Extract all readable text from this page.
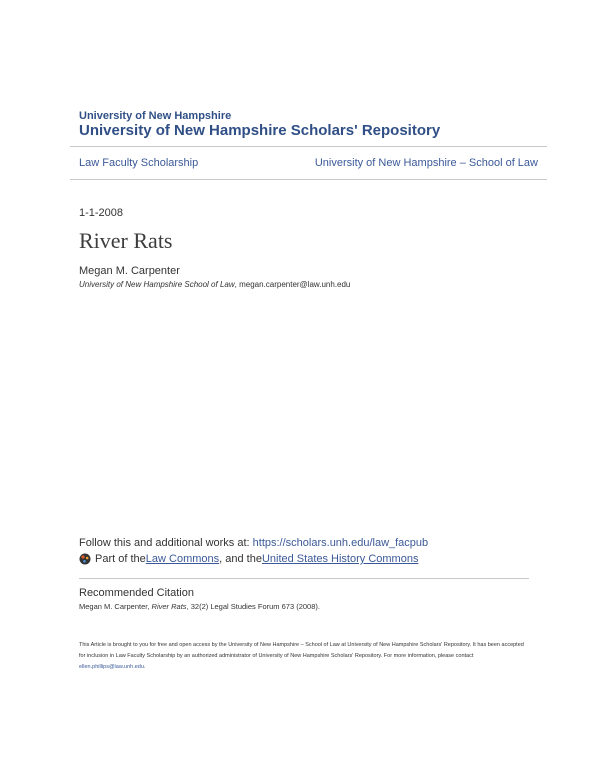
University of New Hampshire
University of New Hampshire Scholars' Repository
Law Faculty Scholarship	University of New Hampshire – School of Law
1-1-2008
River Rats
Megan M. Carpenter
University of New Hampshire School of Law, megan.carpenter@law.unh.edu
Follow this and additional works at: https://scholars.unh.edu/law_facpub
Part of the Law Commons , and the United States History Commons
Recommended Citation
Megan M. Carpenter, River Rats, 32(2) Legal Studies Forum 673 (2008).
This Article is brought to you for free and open access by the University of New Hampshire – School of Law at University of New Hampshire Scholars' Repository. It has been accepted for inclusion in Law Faculty Scholarship by an authorized administrator of University of New Hampshire Scholars' Repository. For more information, please contact ellen.phillips@law.unh.edu.
